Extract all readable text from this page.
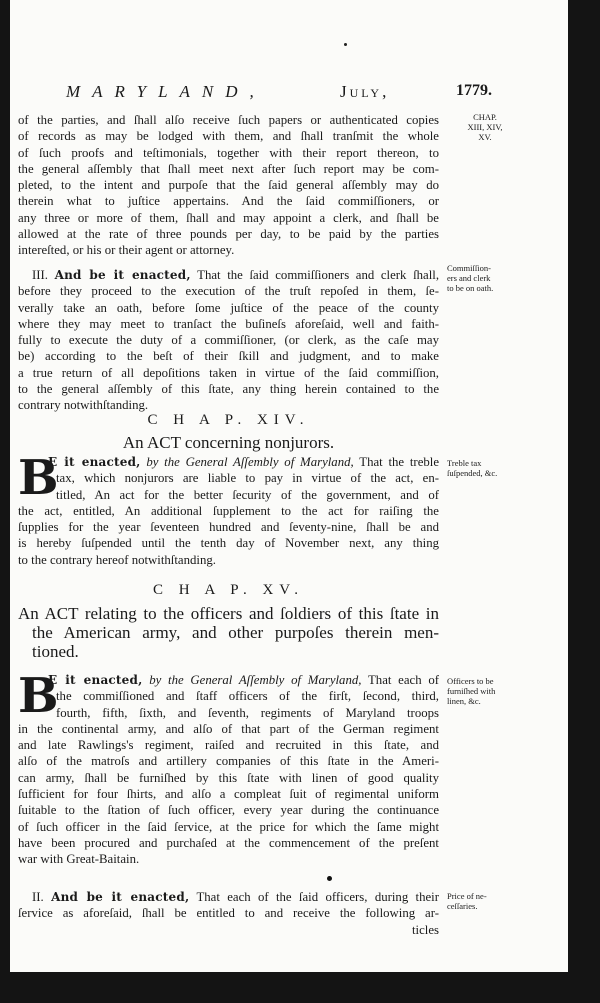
MARYLAND,	July,	1779.
CHAP.
XIII, XIV,
XV.
of the parties, and ſhall alſo receive ſuch papers or authenticated copies
of records as may be lodged with them, and ſhall tranſmit the whole
of ſuch proofs and teſtimonials, together with their report thereon, to
the general aſſembly that ſhall meet next after ſuch report may be com-
pleted, to the intent and purpoſe that the ſaid general aſſembly may do
therein what to juſtice appertains. And the ſaid commiſſioners, or
any three or more of them, ſhall and may appoint a clerk, and ſhall be
allowed at the rate of three pounds per day, to be paid by the parties
intereſted, or his or their agent or attorney.
III. And be it enacted, That the ſaid commiſſioners and clerk ſhall,
before they proceed to the execution of the truſt repoſed in them, ſe-
verally take an oath, before ſome juſtice of the peace of the county
where they may meet to tranſact the buſineſs aforeſaid, well and faith-
fully to execute the duty of a commiſſioner, (or clerk, as the caſe may
be) according to the beſt of their ſkill and judgment, and to make
a true return of all depoſitions taken in virtue of the ſaid commiſſion,
to the general aſſembly of this ſtate, any thing herein contained to the
contrary notwithſtanding.
Commiſſion-
ers and clerk
to be on oath.
C H A P. XIV.
An ACT concerning nonjurors.
B
E it enacted, by the General Aſſembly of Maryland, That the treble
tax, which nonjurors are liable to pay in virtue of the act, en-
titled, An act for the better ſecurity of the government, and of
the act, entitled, An additional ſupplement to the act for raiſing the
ſupplies for the year ſeventeen hundred and ſeventy-nine, ſhall be and
is hereby ſuſpended until the tenth day of November next, any thing
to the contrary hereof notwithſtanding.
Treble tax
ſuſpended, &c.
C H A P. XV.
An ACT relating to the officers and ſoldiers of this ſtate in
the American army, and other purpoſes therein men-
tioned.
B
E it enacted, by the General Aſſembly of Maryland, That each of
the commiſſioned and ſtaff officers of the firſt, ſecond, third,
fourth, fifth, ſixth, and ſeventh, regiments of Maryland troops
in the continental army, and alſo of that part of the German regiment
and late Rawlings's regiment, raiſed and recruited in this ſtate, and
alſo of the matroſs and artillery companies of this ſtate in the Ameri-
can army, ſhall be furniſhed by this ſtate with linen of good quality
ſufficient for four ſhirts, and alſo a compleat ſuit of regimental uniform
ſuitable to the ſtation of ſuch officer, every year during the continuance
of ſuch officer in the ſaid ſervice, at the price for which the ſame might
have been procured and purchaſed at the commencement of the preſent
war with Great-Baitain.
Officers to be
furniſhed with
linen, &c.
II. And be it enacted, That each of the ſaid officers, during their
ſervice as aforeſaid, ſhall be entitled to and receive the following ar-
ticles
Price of ne-
ceſſaries.
